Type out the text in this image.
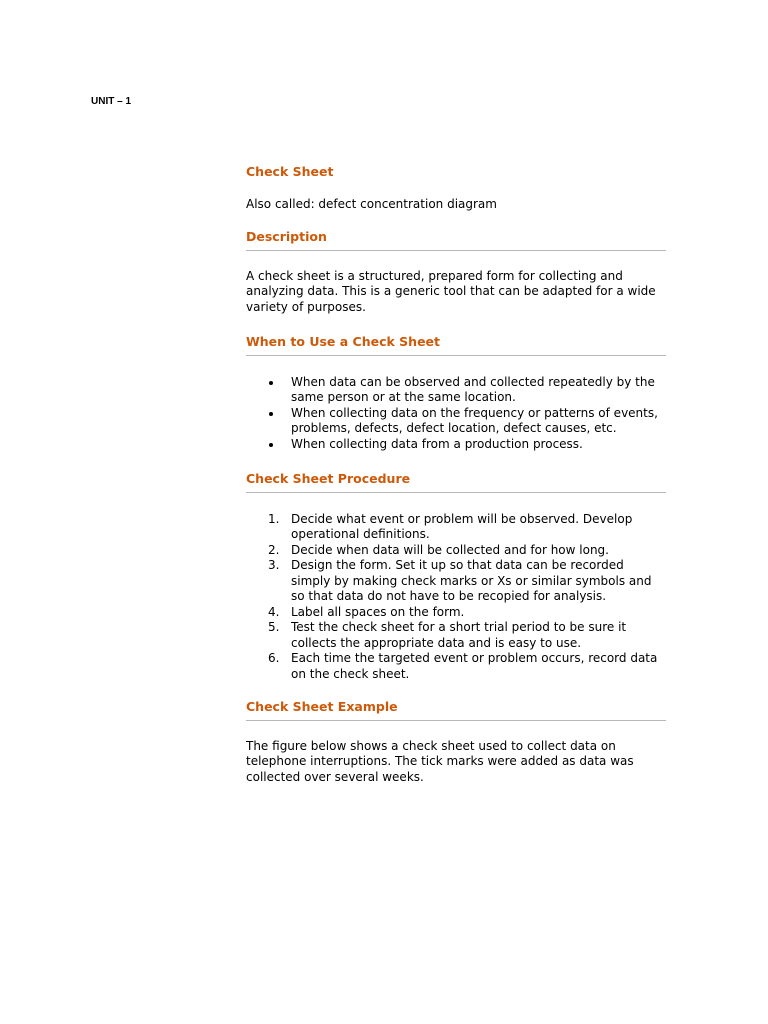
UNIT – 1
Check Sheet

Also called: defect concentration diagram

Description

A check sheet is a structured, prepared form for collecting and analyzing data. This is a generic tool that can be adapted for a wide variety of purposes.

When to Use a Check Sheet
When data can be observed and collected repeatedly by the same person or at the same location.
When collecting data on the frequency or patterns of events, problems, defects, defect location, defect causes, etc.
When collecting data from a production process.
Check Sheet Procedure
1. Decide what event or problem will be observed. Develop operational definitions.
2. Decide when data will be collected and for how long.
3. Design the form. Set it up so that data can be recorded simply by making check marks or Xs or similar symbols and so that data do not have to be recopied for analysis.
4. Label all spaces on the form.
5. Test the check sheet for a short trial period to be sure it collects the appropriate data and is easy to use.
6. Each time the targeted event or problem occurs, record data on the check sheet.
Check Sheet Example

The figure below shows a check sheet used to collect data on telephone interruptions. The tick marks were added as data was collected over several weeks.
